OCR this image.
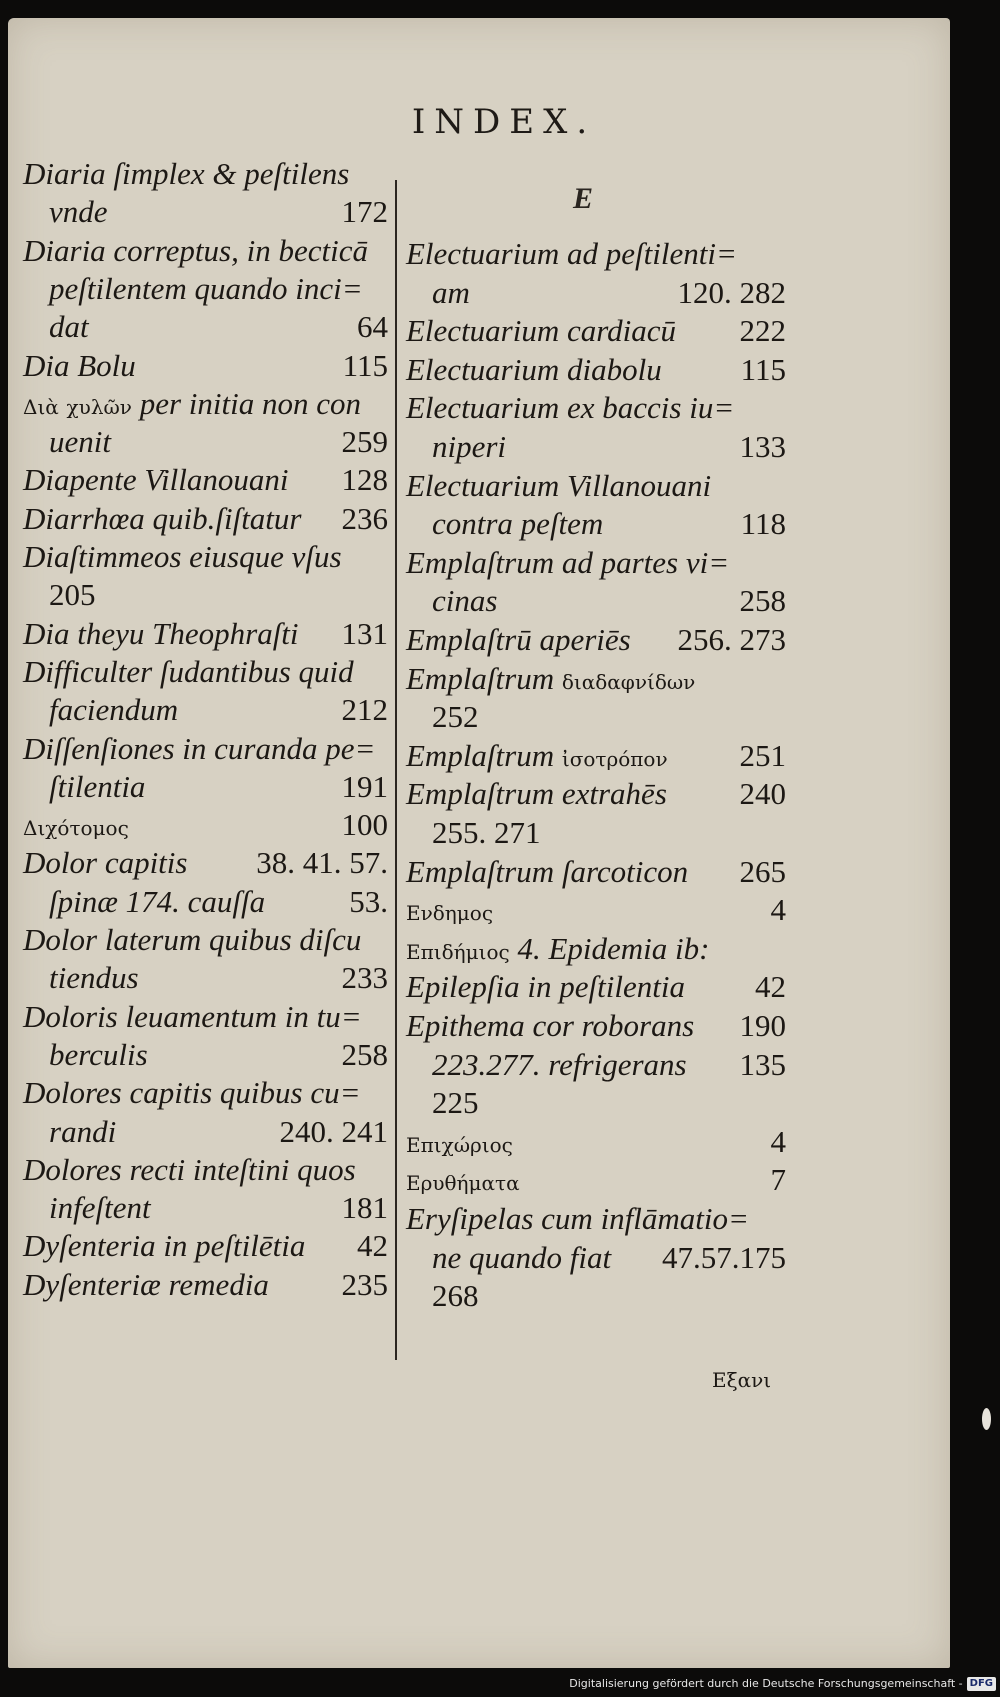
INDEX.
E
Diaria ſimplex & peſtilens
vnde	172
Diaria correptus, in becticā
peſtilentem quando inci=
dat	64
Dia Bolu	115
Διὰ χυλῶν per initia non con
uenit	259
Diapente Villanouani 128
Diarrhœa quib.ſiſtatur 236
Diaſtimmeos eiusque vſus
205
Dia theyu Theophraſti 131
Difficulter ſudantibus quid
faciendum	212
Diſſenſiones in curanda pe=
ſtilentia	191
Διχότομος	100
Dolor capitis 38. 41. 57.
ſpinæ 174. cauſſa	53.
Dolor laterum quibus diſcu
tiendus	233
Doloris leuamentum in tu=
berculis	258
Dolores capitis quibus cu=
randi	240. 241
Dolores recti inteſtini quos
infeſtent	181
Dyſenteria in peſtilētia 42
Dyſenteriæ remedia 235
Electuarium ad peſtilenti=
am	120. 282
Electuarium cardiacū 222
Electuarium diabolu	115
Electuarium ex baccis iu=
niperi	133
Electuarium Villanouani
contra peſtem	118
Emplaſtrum ad partes vi=
cinas	258
Emplaſtrū aperiēs 256. 273
Emplaſtrum διαδαφνίδων
252
Emplaſtrum ἰσοτρόπον 251
Emplaſtrum extrahēs 240
255. 271
Emplaſtrum ſarcoticon 265
Ενδημος	4
Επιδήμιος 4. Epidemia ib:
Epilepſia in peſtilentia 42
Epithema cor roborans 190
223.277. refrigerans 135
225
Επιχώριος	4
Ερυθήματα	7
Eryſipelas cum inflāmatio=
ne quando fiat 47.57.175
268
Εξανι
Digitalisierung gefördert durch die Deutsche Forschungsgemeinschaft - DFG
